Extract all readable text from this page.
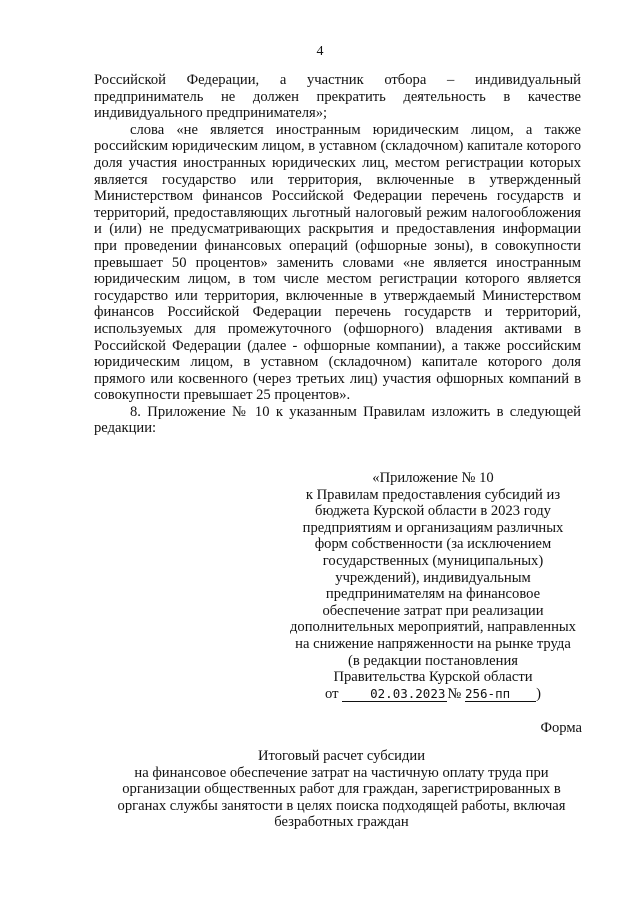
4

Российской Федерации, а участник отбора – индивидуальный предприниматель не должен прекратить деятельность в качестве индивидуального предпринимателя»;

слова «не является иностранным юридическим лицом, а также российским юридическим лицом, в уставном (складочном) капитале которого доля участия иностранных юридических лиц, местом регистрации которых является государство или территория, включенные в утвержденный Министерством финансов Российской Федерации перечень государств и территорий, предоставляющих льготный налоговый режим налогообложения и (или) не предусматривающих раскрытия и предоставления информации при проведении финансовых операций (офшорные зоны), в совокупности превышает 50 процентов» заменить словами «не является иностранным юридическим лицом, в том числе местом регистрации которого является государство или территория, включенные в утверждаемый Министерством финансов Российской Федерации перечень государств и территорий, используемых для промежуточного (офшорного) владения активами в Российской Федерации (далее - офшорные компании), а также российским юридическим лицом, в уставном (складочном) капитале которого доля прямого или косвенного (через третьих лиц) участия офшорных компаний в совокупности превышает 25 процентов».

8. Приложение № 10 к указанным Правилам изложить в следующей редакции:

«Приложение № 10
к Правилам предоставления субсидий из
бюджета Курской области в 2023 году
предприятиям и организациям различных
форм собственности (за исключением
государственных (муниципальных)
учреждений), индивидуальным
предпринимателям на финансовое
обеспечение затрат при реализации
дополнительных мероприятий, направленных
на снижение напряженности на рынке труда
(в редакции постановления
Правительства Курской области
от	02.03.2023 № 256-пп )
Форма
Итоговый расчет субсидии
на финансовое обеспечение затрат на частичную оплату труда при
организации общественных работ для граждан, зарегистрированных в
органах службы занятости в целях поиска подходящей работы, включая
безработных граждан
